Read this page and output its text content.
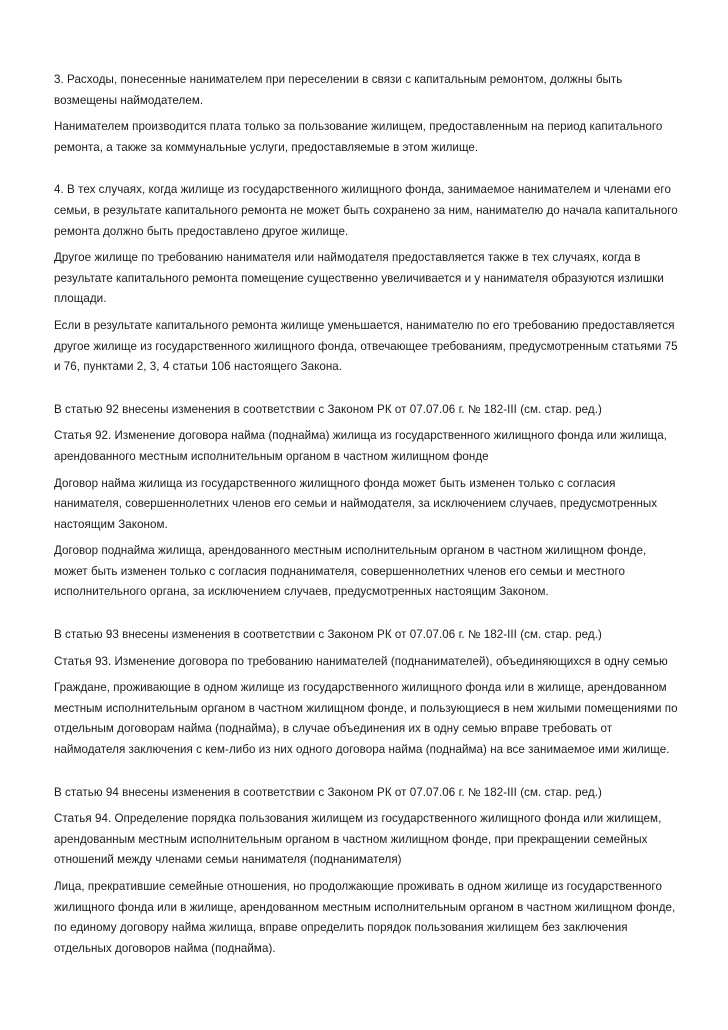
3. Расходы, понесенные нанимателем при переселении в связи с капитальным ремонтом, должны быть возмещены наймодателем.

Нанимателем производится плата только за пользование жилищем, предоставленным на период капитального ремонта, а также за коммунальные услуги, предоставляемые в этом жилище.

4. В тех случаях, когда жилище из государственного жилищного фонда, занимаемое нанимателем и членами его семьи, в результате капитального ремонта не может быть сохранено за ним, нанимателю до начала капитального ремонта должно быть предоставлено другое жилище.

Другое жилище по требованию нанимателя или наймодателя предоставляется также в тех случаях, когда в результате капитального ремонта помещение существенно увеличивается и у нанимателя образуются излишки площади.

Если в результате капитального ремонта жилище уменьшается, нанимателю по его требованию предоставляется другое жилище из государственного жилищного фонда, отвечающее требованиям, предусмотренным статьями 75 и 76, пунктами 2, 3, 4 статьи 106 настоящего Закона.

В статью 92 внесены изменения в соответствии с Законом РК от 07.07.06 г. № 182-III (см. стар. ред.)

Статья 92. Изменение договора найма (поднайма) жилища из государственного жилищного фонда или жилища, арендованного местным исполнительным органом в частном жилищном фонде

Договор найма жилища из государственного жилищного фонда может быть изменен только с согласия нанимателя, совершеннолетних членов его семьи и наймодателя, за исключением случаев, предусмотренных настоящим Законом.

Договор поднайма жилища, арендованного местным исполнительным органом в частном жилищном фонде, может быть изменен только с согласия поднанимателя, совершеннолетних членов его семьи и местного исполнительного органа, за исключением случаев, предусмотренных настоящим Законом.

В статью 93 внесены изменения в соответствии с Законом РК от 07.07.06 г. № 182-III (см. стар. ред.)

Статья 93. Изменение договора по требованию нанимателей (поднанимателей), объединяющихся в одну семью

Граждане, проживающие в одном жилище из государственного жилищного фонда или в жилище, арендованном местным исполнительным органом в частном жилищном фонде, и пользующиеся в нем жилыми помещениями по отдельным договорам найма (поднайма), в случае объединения их в одну семью вправе требовать от наймодателя заключения с кем-либо из них одного договора найма (поднайма) на все занимаемое ими жилище.

В статью 94 внесены изменения в соответствии с Законом РК от 07.07.06 г. № 182-III (см. стар. ред.)

Статья 94. Определение порядка пользования жилищем из государственного жилищного фонда или жилищем, арендованным местным исполнительным органом в частном жилищном фонде, при прекращении семейных отношений между членами семьи нанимателя (поднанимателя)

Лица, прекратившие семейные отношения, но продолжающие проживать в одном жилище из государственного жилищного фонда или в жилище, арендованном местным исполнительным органом в частном жилищном фонде, по единому договору найма жилища, вправе определить порядок пользования жилищем без заключения отдельных договоров найма (поднайма).
